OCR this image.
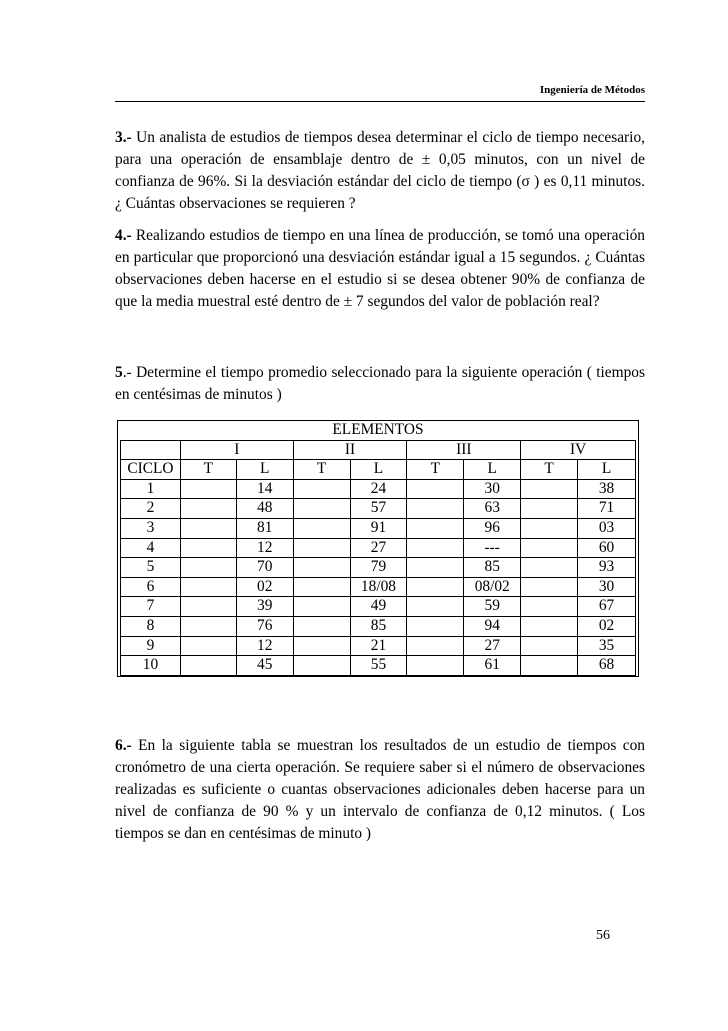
Ingeniería de Métodos

3.- Un analista de estudios de tiempos desea determinar el ciclo de tiempo necesario, para una operación de ensamblaje dentro de ± 0,05 minutos, con un nivel de confianza de 96%. Si la desviación estándar del ciclo de tiempo (σ ) es 0,11 minutos. ¿ Cuántas observaciones se requieren ?

4.- Realizando estudios de tiempo en una línea de producción, se tomó una operación en particular que proporcionó una desviación estándar igual a 15 segundos. ¿ Cuántas observaciones deben hacerse en el estudio si se desea obtener 90% de confianza de que la media muestral esté dentro de ± 7 segundos del valor de población real?

5.- Determine el tiempo promedio seleccionado para la siguiente operación ( tiempos en centésimas de minutos )

ELEMENTOS								
	I		II		III		IV	
CICLO	T	L	T	L	T	L	T	L
1		14		24		30		38
2		48		57		63		71
3		81		91		96		03
4		12		27		---		60
5		70		79		85		93
6		02		18/08		08/02		30
7		39		49		59		67
8		76		85		94		02
9		12		21		27		35
10		45		55		61		68

6.- En la siguiente tabla se muestran los resultados de un estudio de tiempos con cronómetro de una cierta operación. Se requiere saber si el número de observaciones realizadas es suficiente o cuantas observaciones adicionales deben hacerse para un nivel de confianza de 90 % y un intervalo de confianza de 0,12 minutos. ( Los tiempos se dan en centésimas de minuto )

56
